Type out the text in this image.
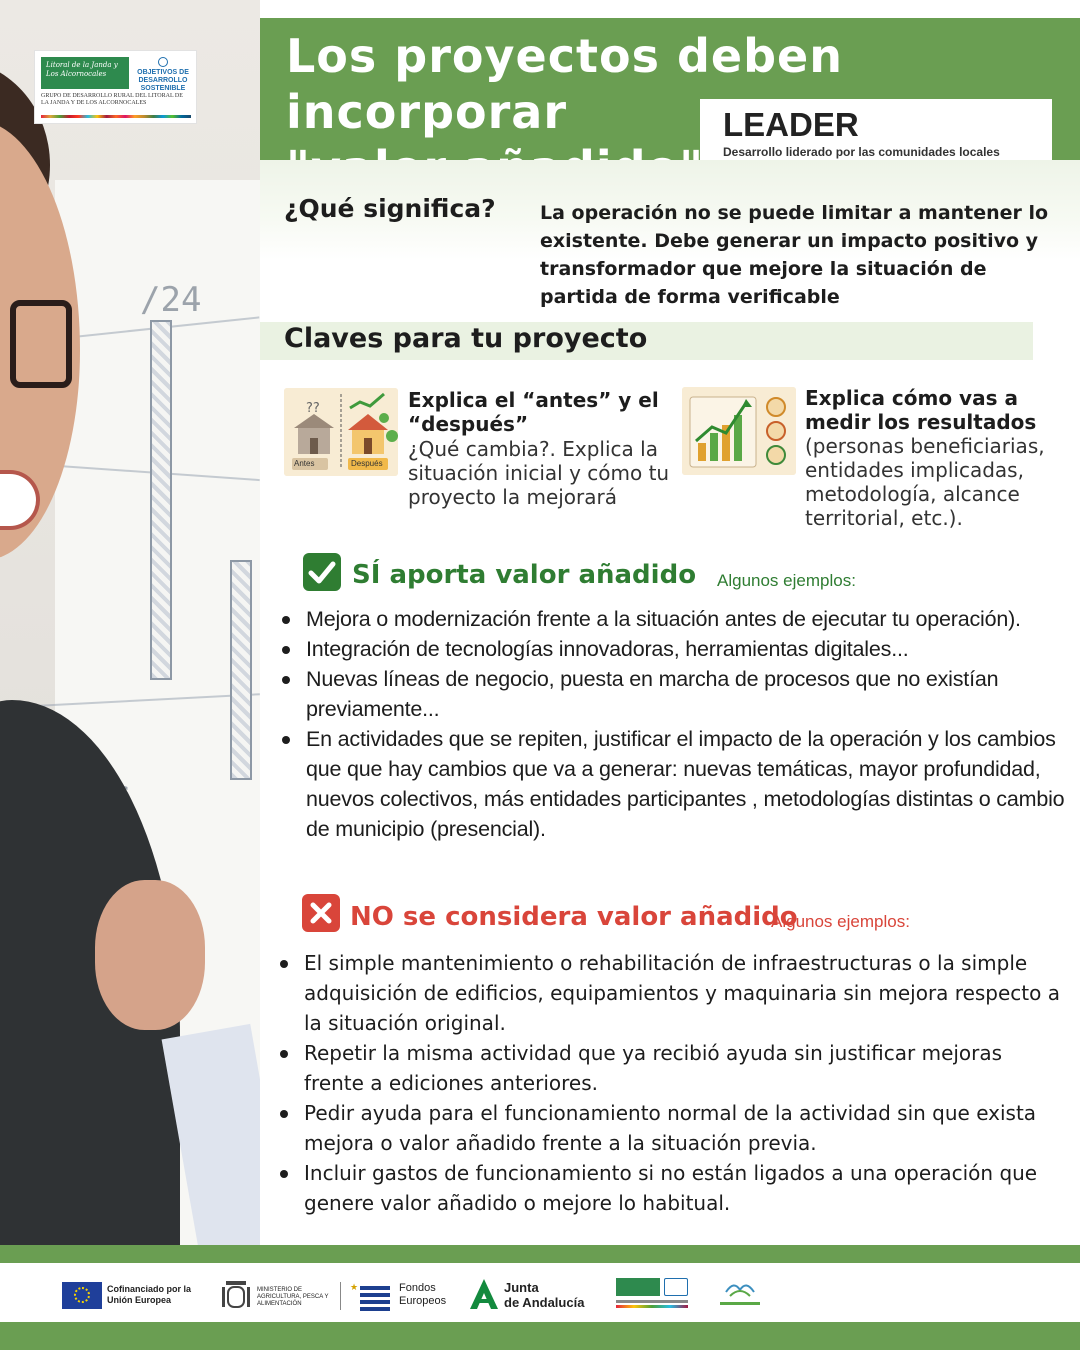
∕24
Litoral de la Janda y Los Alcornocales	OBJETIVOS DE DESARROLLO SOSTENIBLE
GRUPO DE DESARROLLO RURAL DEL LITORAL DE LA JANDA Y DE LOS ALCORNOCALES
Los proyectos deben incorporar	LEADER
Desarrollo liderado por las comunidades locales
¿Qué significa? La operación no se puede limitar a mantener lo existente. Debe generar un impacto positivo y transformador que mejore la situación de partida de forma verificable
Claves para tu proyecto
??
Antes	Después
Explica el “antes” y el “después”
¿Qué cambia?. Explica la situación inicial y cómo tu proyecto la mejorará
Explica cómo vas a medir los resultados
(personas beneficiarias, entidades implicadas, metodología, alcance territorial, etc.).
SÍ aporta valor añadido Algunos ejemplos:
Mejora o modernización frente a la situación antes de ejecutar tu operación).
Integración de tecnologías innovadoras, herramientas digitales...
Nuevas líneas de negocio, puesta en marcha de procesos que no existían previamente...
En actividades que se repiten, justificar el impacto de la operación y los cambios que que hay cambios que va a generar: nuevas temáticas, mayor profundidad, nuevos colectivos, más entidades participantes , metodologías distintas o cambio de municipio (presencial).
NO se considera valor añadido
Algunos ejemplos:
El simple mantenimiento o rehabilitación de infraestructuras o la simple adquisición de edificios, equipamientos y maquinaria sin mejora respecto a la situación original.
Repetir la misma actividad que ya recibió ayuda sin justificar mejoras frente a ediciones anteriores.
Pedir ayuda para el funcionamiento normal de la actividad sin que exista mejora o valor añadido frente a la situación previa.
Incluir gastos de funcionamiento si no están ligados a una operación que genere valor añadido o mejore lo habitual.
Cofinanciado por la Unión Europea
MINISTERIO DE AGRICULTURA, PESCA Y ALIMENTACIÓN
★	Fondos Europeos
Junta
de Andalucía
